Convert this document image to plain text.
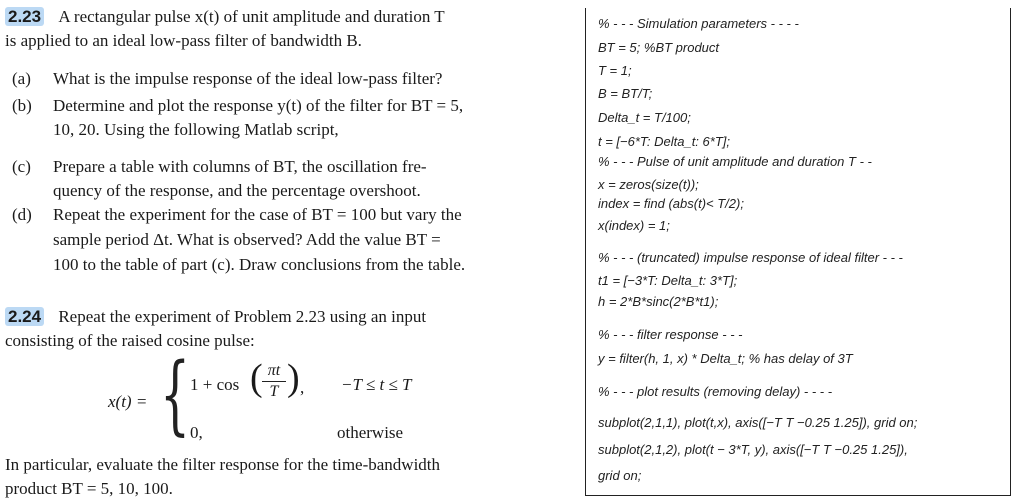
2.23 A rectangular pulse x(t) of unit amplitude and duration T
is applied to an ideal low-pass filter of bandwidth B.
(a) What is the impulse response of the ideal low-pass filter?
(b) Determine and plot the response y(t) of the filter for BT = 5,
10, 20. Using the following Matlab script,
(c) Prepare a table with columns of BT, the oscillation fre-
quency of the response, and the percentage overshoot.
(d) Repeat the experiment for the case of BT = 100 but vary the
sample period Δt. What is observed? Add the value BT =
100 to the table of part (c). Draw conclusions from the table.
2.24 Repeat the experiment of Problem 2.23 using an input
consisting of the raised cosine pulse:
x(t) = { 1 + cos ( πt
T ) , −T ≤ t ≤ T
0,	otherwise
In particular, evaluate the filter response for the time-bandwidth
product BT = 5, 10, 100.
% - - - Simulation parameters - - - -
BT = 5; %BT product
T = 1;
B = BT/T;
Delta_t = T/100;
t = [−6*T: Delta_t: 6*T];
% - - - Pulse of unit amplitude and duration T - -
x = zeros(size(t));
index = find (abs(t)< T/2);
x(index) = 1;
% - - - (truncated) impulse response of ideal filter - - -
t1 = [−3*T: Delta_t: 3*T];
h = 2*B*sinc(2*B*t1);
% - - - filter response - - -
y = filter(h, 1, x) * Delta_t; % has delay of 3T
% - - - plot results (removing delay) - - - -
subplot(2,1,1), plot(t,x), axis([−T T −0.25 1.25]), grid on;
subplot(2,1,2), plot(t − 3*T, y), axis([−T T −0.25 1.25]),
grid on;
